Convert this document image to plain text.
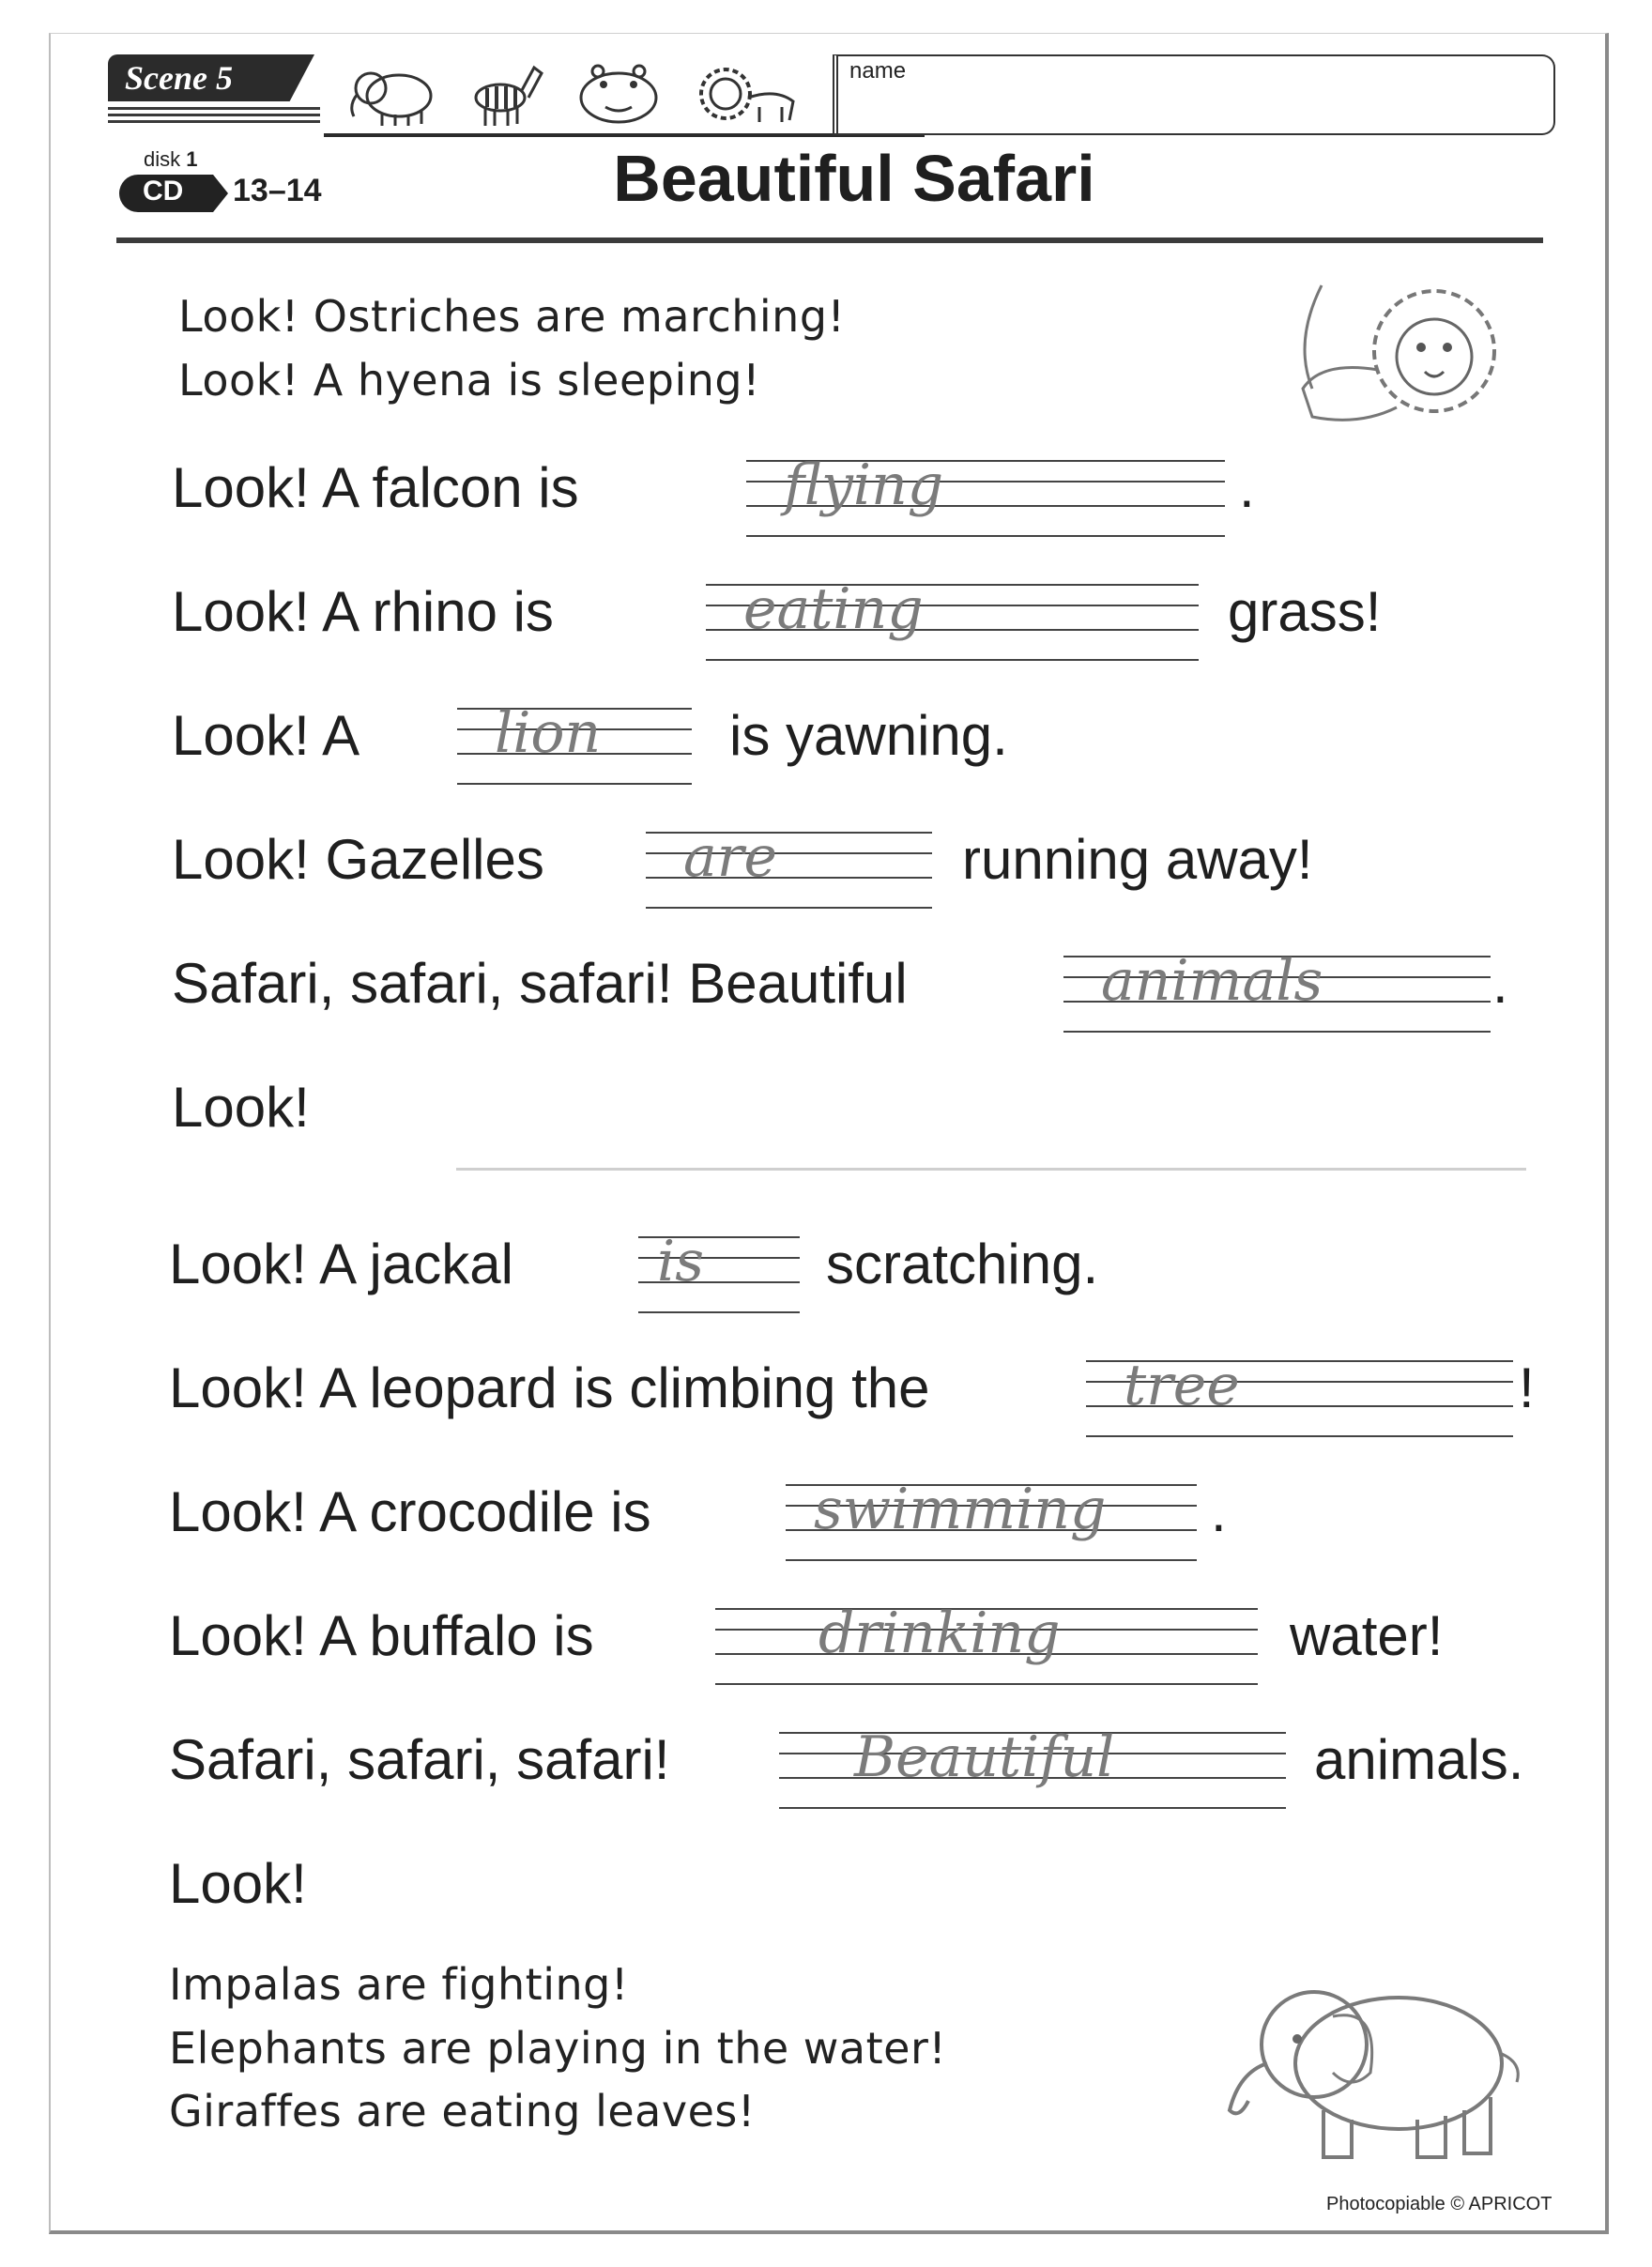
Scene 5	name
disk 1
CD 13–14	Beautiful Safari
Look! Ostriches are marching!
Look! A hyena is sleeping!
Look! A falcon is	flying	.
Look! A rhino is	eating	grass!
Look! A	lion	is yawning.
Look! Gazelles	are	running away!
Safari, safari, safari! Beautiful	animals	.
Look!
Look! A jackal	is	scratching.
Look! A leopard is climbing the	tree	!
Look! A crocodile is	swimming	.
Look! A buffalo is	drinking	water!
Safari, safari, safari!	Beautiful	animals.
Look!
Impalas are fighting!
Elephants are playing in the water!
Giraffes are eating leaves!
Photocopiable © APRICOT
